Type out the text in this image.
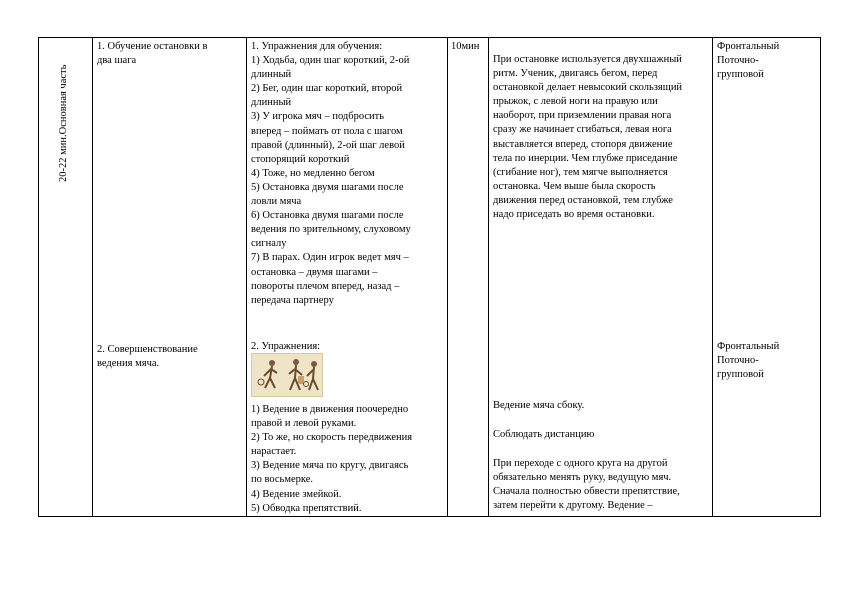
20-22 мин.Основная часть
1. Обучение остановки в
два шага
1. Упражнения для обучения:
1) Ходьба, один шаг короткий, 2-ой
длинный
2) Бег, один шаг короткий, второй
длинный
3) У игрока мяч – подбросить
вперед – поймать от пола с шагом
правой (длинный), 2-ой шаг левой
стопорящий короткий
4) Тоже, но медленно бегом
5) Остановка двумя шагами после
ловли мяча
6) Остановка двумя шагами после
ведения по зрительному, слуховому
сигналу
7) В парах. Один игрок ведет мяч –
остановка – двумя шагами –
повороты плечом вперед, назад –
передача партнеру
10мин
При остановке используется двухшажный
ритм. Ученик, двигаясь бегом, перед
остановкой делает невысокий скользящий
прыжок, с левой ноги на правую или
наоборот, при приземлении правая нога
сразу же начинает сгибаться, левая нога
выставляется вперед, стопоря движение
тела по инерции. Чем глубже приседание
(сгибание ног), тем мягче выполняется
остановка. Чем выше была скорость
движения перед остановкой, тем глубже
надо приседать во время остановки.
Фронтальный
Поточно-
групповой
2. Совершенствование
ведения мяча.
2. Упражнения:
1) Ведение в движения поочередно
правой и левой руками.
2) То же, но скорость передвижения
нарастает.
3) Ведение мяча по кругу, двигаясь
по восьмерке.
4) Ведение змейкой.
5) Обводка препятствий.
Ведение мяча сбоку.
Соблюдать дистанцию
При переходе с одного круга на другой
обязательно менять руку, ведущую мяч.
Сначала полностью обвести препятствие,
затем перейти к другому. Ведение –
Фронтальный
Поточно-
групповой
